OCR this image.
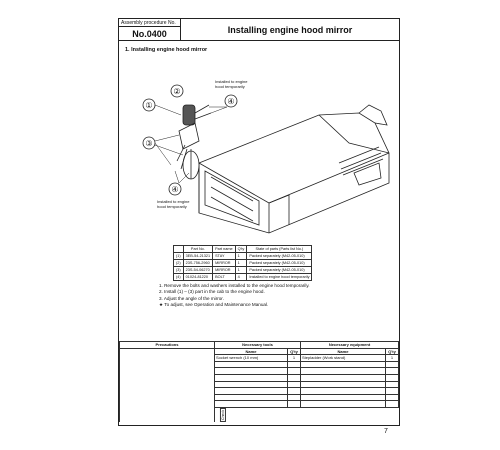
Assembly procedure No.
No.0400	Installing engine hood mirror
1. Installing engine hood mirror
②
①
③
④
④
Installed to engine
hood temporarily
Installed to engine
hood temporarily
	Part No.	Part name	Q'ty	State of parts (Parts list No.)
(1)	3EB-54-21321	STAY	1	Packed separately (M42-05-010)
(2)	23S-756-2960	MIRROR	1	Packed separately (M42-05-010)
(3)	23S-54-06270	MIRROR	1	Packed separately (M42-05-010)
(4)	01024-81220	BOLT	4	Installed to engine hood temporarily
1. Remove the bolts and washers installed to the engine hood temporarily.
2. Install (1) – (3) part in the cab to the engine hood.
3. Adjust the angle of the mirror.
★ To adjust, see Operation and Maintenance Manual.
Precautions	Necessary tools		Necessary equipment	
	Name	Q'ty	Name	Q'ty
	Socket wrench (10 mm)	1	Stepladder (Work stand)	1

	Check			
7
